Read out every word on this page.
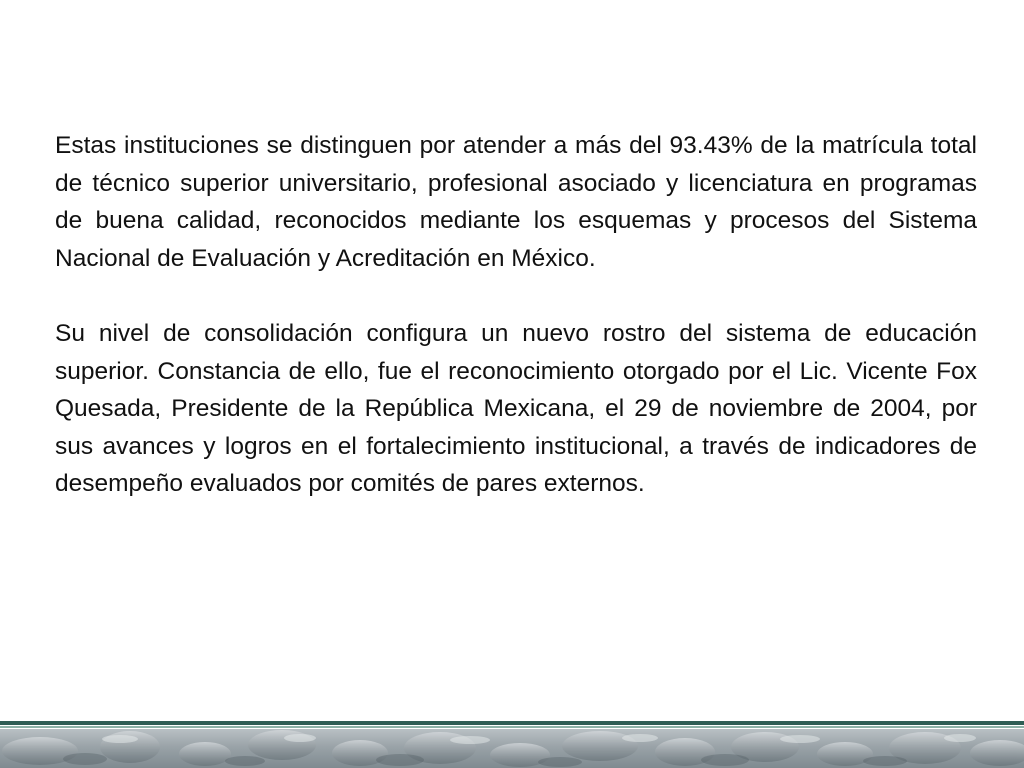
Estas instituciones se distinguen por atender a más del 93.43% de la matrícula total de técnico superior universitario, profesional asociado y licenciatura en programas de buena calidad, reconocidos mediante los esquemas y procesos del Sistema Nacional de Evaluación y Acreditación en México.

Su nivel de consolidación configura un nuevo rostro del sistema de educación superior. Constancia de ello, fue el reconocimiento otorgado por el Lic. Vicente Fox Quesada, Presidente de la República Mexicana, el 29 de noviembre de 2004, por sus avances y logros en el fortalecimiento institucional, a través de indicadores de desempeño evaluados por comités de pares externos.
